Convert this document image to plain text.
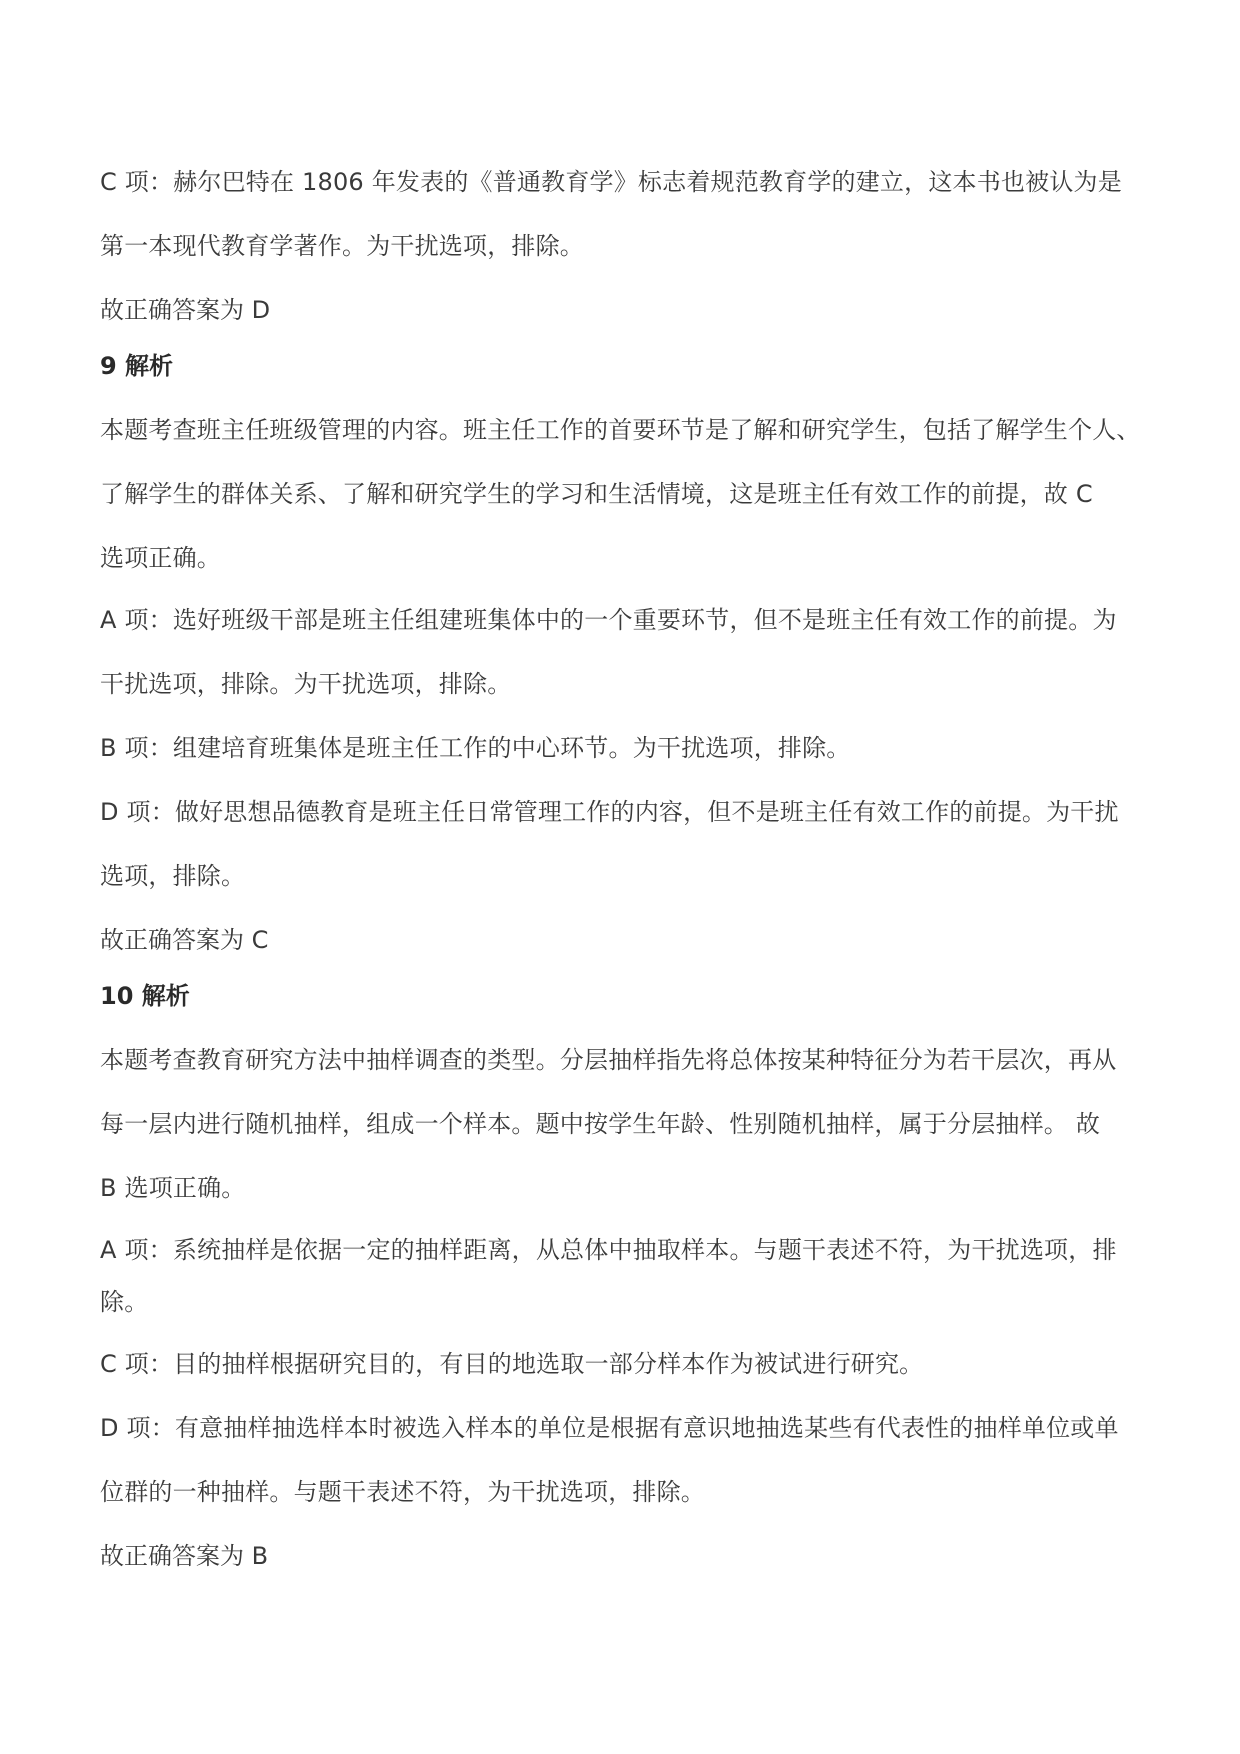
C 项：赫尔巴特在 1806 年发表的《普通教育学》标志着规范教育学的建立，这本书也被认为是
第一本现代教育学著作。为干扰选项，排除。

故正确答案为 D

9 解析

本题考查班主任班级管理的内容。班主任工作的首要环节是了解和研究学生，包括了解学生个人、
了解学生的群体关系、了解和研究学生的学习和生活情境，这是班主任有效工作的前提，故 C
选项正确。

A 项：选好班级干部是班主任组建班集体中的一个重要环节，但不是班主任有效工作的前提。为
干扰选项，排除。为干扰选项，排除。

B 项：组建培育班集体是班主任工作的中心环节。为干扰选项，排除。

D 项：做好思想品德教育是班主任日常管理工作的内容，但不是班主任有效工作的前提。为干扰
选项，排除。

故正确答案为 C

10 解析

本题考查教育研究方法中抽样调查的类型。分层抽样指先将总体按某种特征分为若干层次，再从
每一层内进行随机抽样，组成一个样本。题中按学生年龄、性别随机抽样，属于分层抽样。 故
B 选项正确。

A 项：系统抽样是依据一定的抽样距离，从总体中抽取样本。与题干表述不符，为干扰选项，排
除。

C 项：目的抽样根据研究目的，有目的地选取一部分样本作为被试进行研究。

D 项：有意抽样抽选样本时被选入样本的单位是根据有意识地抽选某些有代表性的抽样单位或单
位群的一种抽样。与题干表述不符，为干扰选项，排除。

故正确答案为 B
